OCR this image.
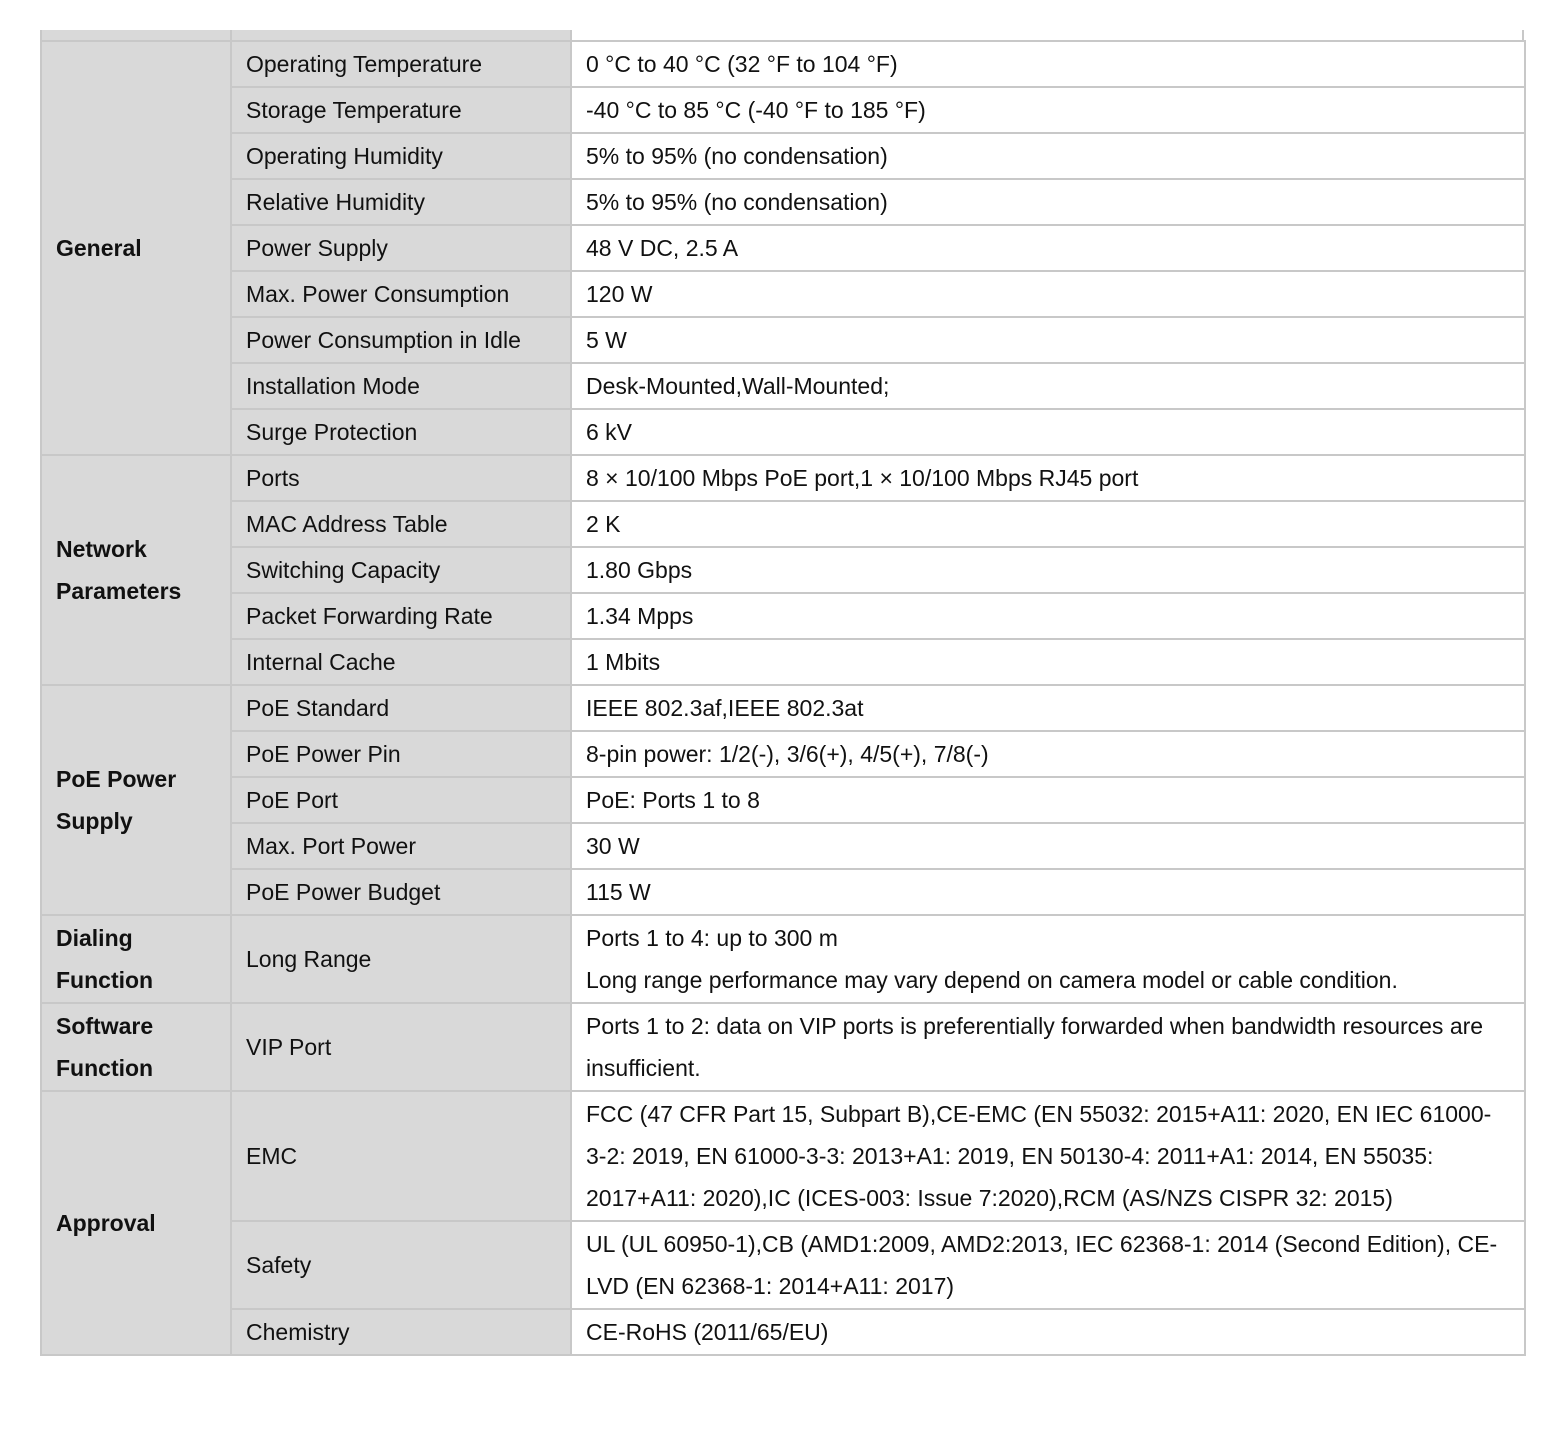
General	Operating Temperature	0 °C to 40 °C (32 °F to 104 °F)
	Storage Temperature	-40 °C to 85 °C (-40 °F to 185 °F)
	Operating Humidity	5% to 95% (no condensation)
	Relative Humidity	5% to 95% (no condensation)
	Power Supply	48 V DC, 2.5 A
	Max. Power Consumption	120 W
	Power Consumption in Idle	5 W
	Installation Mode	Desk-Mounted,Wall-Mounted;
	Surge Protection	6 kV
Network Parameters	Ports	8 × 10/100 Mbps PoE port,1 × 10/100 Mbps RJ45 port
	MAC Address Table	2 K
	Switching Capacity	1.80 Gbps
	Packet Forwarding Rate	1.34 Mpps
	Internal Cache	1 Mbits
PoE Power Supply	PoE Standard	IEEE 802.3af,IEEE 802.3at
	PoE Power Pin	8-pin power: 1/2(-), 3/6(+), 4/5(+), 7/8(-)
	PoE Port	PoE: Ports 1 to 8
	Max. Port Power	30 W
	PoE Power Budget	115 W
Dialing Function	Long Range	Ports 1 to 4: up to 300 m
Long range performance may vary depend on camera model or cable condition.
Software Function	VIP Port	Ports 1 to 2: data on VIP ports is preferentially forwarded when bandwidth resources are insufficient.
Approval	EMC	FCC (47 CFR Part 15, Subpart B),CE-EMC (EN 55032: 2015+A11: 2020, EN IEC 61000-3-2: 2019, EN 61000-3-3: 2013+A1: 2019, EN 50130-4: 2011+A1: 2014, EN 55035: 2017+A11: 2020),IC (ICES-003: Issue 7:2020),RCM (AS/NZS CISPR 32: 2015)
	Safety	UL (UL 60950-1),CB (AMD1:2009, AMD2:2013, IEC 62368-1: 2014 (Second Edition), CE-LVD (EN 62368-1: 2014+A11: 2017)
	Chemistry	CE-RoHS (2011/65/EU)
